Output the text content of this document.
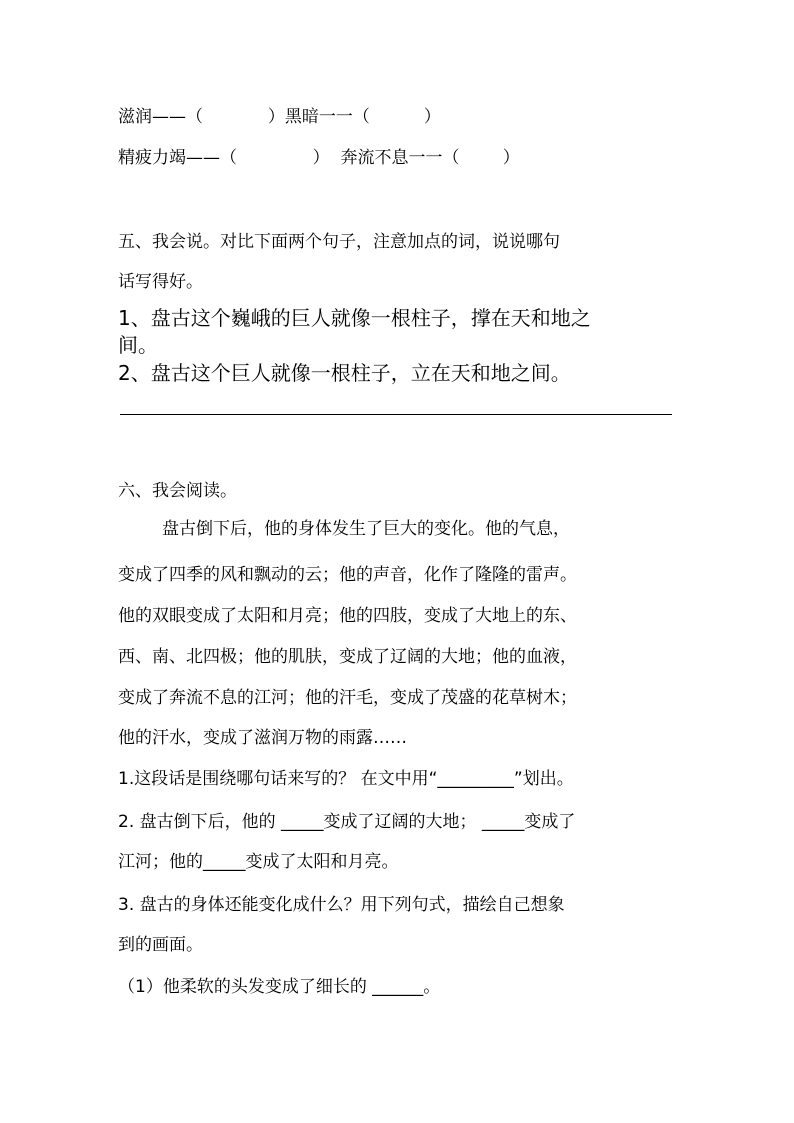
滋润——（            ）黑暗一一（          ）
精疲力竭——（              ）  奔流不息一一（        ）
五、我会说。对比下面两个句子，注意加点的词，说说哪句
话写得好。
1、盘古这个巍峨的巨人就像一根柱子，撑在天和地之
间。
2、盘古这个巨人就像一根柱子，立在天和地之间。
六、我会阅读。
盘古倒下后，他的身体发生了巨大的变化。他的气息，
变成了四季的风和飘动的云；他的声音，化作了隆隆的雷声。
他的双眼变成了太阳和月亮；他的四肢，变成了大地上的东、
西、南、北四极；他的肌肤，变成了辽阔的大地；他的血液，
变成了奔流不息的江河；他的汗毛，变成了茂盛的花草树木；
他的汗水，变成了滋润万物的雨露……
1.这段话是围绕哪句话来写的？ 在文中用“_________”划出。
2. 盘古倒下后，他的 _____变成了辽阔的大地； _____变成了
江河；他的_____变成了太阳和月亮。
3. 盘古的身体还能变化成什么？用下列句式，描绘自己想象
到的画面。
（1）他柔软的头发变成了细长的 ______。
